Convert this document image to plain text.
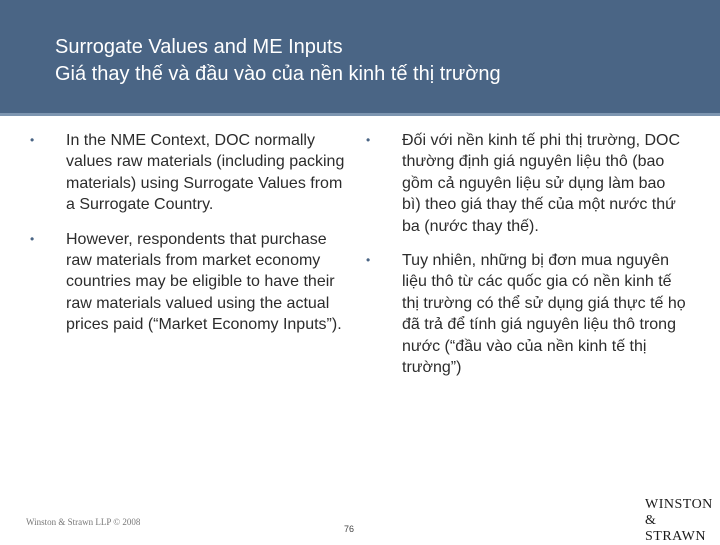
Surrogate Values and ME Inputs
Giá thay thế và đầu vào của nền kinh tế thị trường
• In the NME Context, DOC normally values raw materials (including packing materials) using Surrogate Values from a Surrogate Country.
• However, respondents that purchase raw materials from market economy countries may be eligible to have their raw materials valued using the actual prices paid (“Market Economy Inputs”).
• Đối với nền kinh tế phi thị trường, DOC thường định giá nguyên liệu thô (bao gồm cả nguyên liệu sử dụng làm bao bì) theo giá thay thế của một nước thứ ba (nước thay thế).
• Tuy nhiên, những bị đơn mua nguyên liệu thô từ các quốc gia có nền kinh tế thị trường có thể sử dụng giá thực tế họ đã trả để tính giá nguyên liệu thô trong nước (“đầu vào của nền kinh tế thị trường”)
Winston & Strawn LLP © 2008
76
WINSTON
& STRAWN
